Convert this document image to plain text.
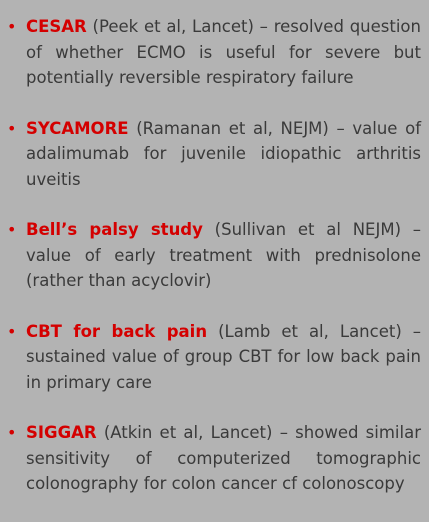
• CESAR (Peek et al, Lancet) – resolved question of whether ECMO is useful for severe but potentially reversible respiratory failure
• SYCAMORE (Ramanan et al, NEJM) – value of adalimumab for juvenile idiopathic arthritis uveitis
• Bell’s palsy study (Sullivan et al NEJM) – value of early treatment with prednisolone (rather than acyclovir)
• CBT for back pain (Lamb et al, Lancet) – sustained value of group CBT for low back pain in primary care
• SIGGAR (Atkin et al, Lancet) – showed similar sensitivity of computerized tomographic colonography for colon cancer cf colonoscopy
